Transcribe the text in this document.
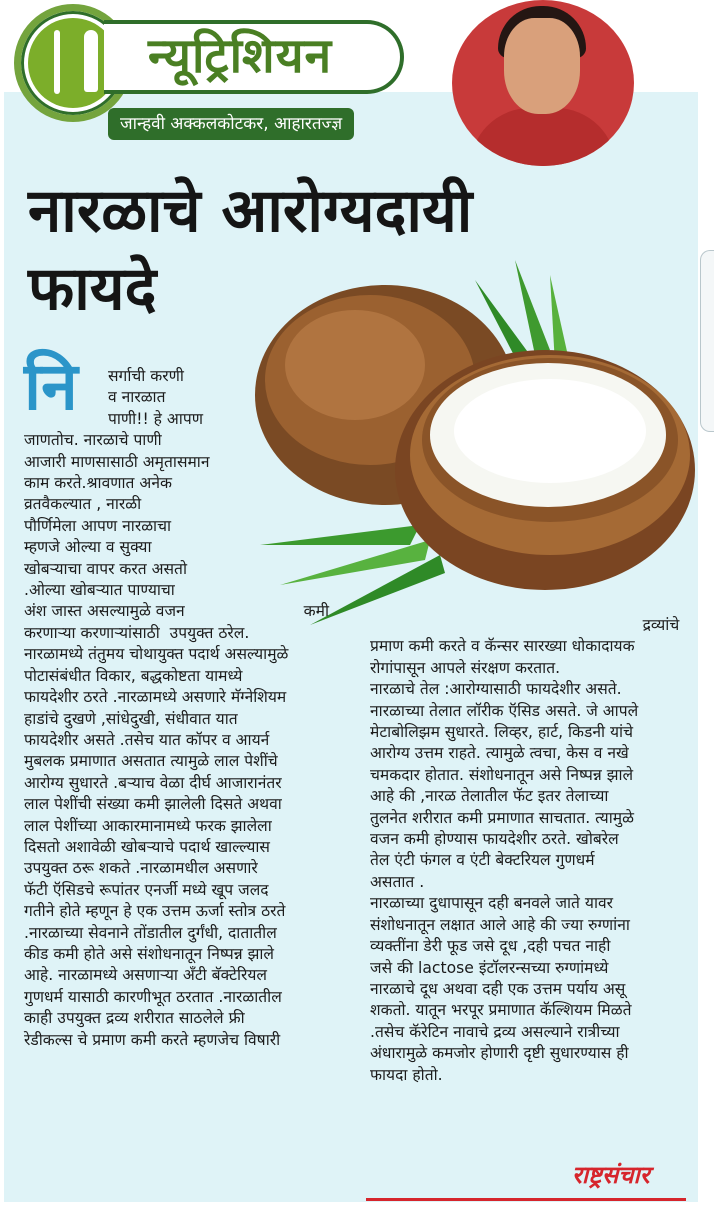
न्यूट्रिशियन
जान्हवी अक्कलकोटकर, आहारतज्ज्ञ
नारळाचे आरोग्यदायी
फायदे
नि	सर्गाची करणी

व नारळात

पाणी!! हे आपण

जाणतोच. नारळाचे पाणी

आजारी माणसासाठी अमृतासमान

काम करते.श्रावणात अनेक

व्रतवैकल्यात , नारळी

पौर्णिमेला आपण नारळाचा

म्हणजे ओल्या व सुक्या

खोबऱ्याचा वापर करत असतो

.ओल्या खोबऱ्यात पाण्याचा

अंश जास्त असल्यामुळे वजन                        कमी

करणाऱ्या करणाऱ्यांसाठी  उपयुक्त ठरेल.

नारळामध्ये तंतुमय चोथायुक्त पदार्थ असल्यामुळे

पोटासंबंधीत विकार, बद्धकोष्टता यामध्ये

फायदेशीर ठरते .नारळामध्ये असणारे मॅग्नेशियम

हाडांचे दुखणे ,सांधेदुखी, संधीवात यात

फायदेशीर असते .तसेच यात कॉपर व आयर्न

मुबलक प्रमाणात असतात त्यामुळे लाल पेशींचे

आरोग्य सुधारते .बऱ्याच वेळा दीर्घ आजारानंतर

लाल पेशींची संख्या कमी झालेली दिसते अथवा

लाल पेशींच्या आकारमानामध्ये फरक झालेला

दिसतो अशावेळी खोबऱ्याचे पदार्थ खाल्ल्यास

उपयुक्त ठरू शकते .नारळामधील असणारे

फॅटी ऍसिडचे रूपांतर एनर्जी मध्ये खूप जलद

गतीने होते म्हणून हे एक उत्तम ऊर्जा स्तोत्र ठरते

.नारळाच्या सेवनाने तोंडातील दुर्गंधी, दातातील

कीड कमी होते असे संशोधनातून निष्पन्न झाले

आहे. नारळामध्ये असणाऱ्या अँटी बॅक्टेरियल

गुणधर्म यासाठी कारणीभूत ठरतात .नारळातील

काही उपयुक्त द्रव्य शरीरात साठलेले फ्री

रेडीकल्स चे प्रमाण कमी करते म्हणजेच विषारी

द्रव्यांचे

प्रमाण कमी करते व कॅन्सर सारख्या धोकादायक

रोगांपासून आपले संरक्षण करतात.

नारळाचे तेल :आरोग्यासाठी फायदेशीर असते.

नारळाच्या तेलात लॉरीक ऍसिड असते. जे आपले

मेटाबोलिझम सुधारते. लिव्हर, हार्ट, किडनी यांचे

आरोग्य उत्तम राहते. त्यामुळे त्वचा, केस व नखे

चमकदार होतात. संशोधनातून असे निष्पन्न झाले

आहे की ,नारळ तेलातील फॅट इतर तेलाच्या

तुलनेत शरीरात कमी प्रमाणात साचतात. त्यामुळे

वजन कमी होण्यास फायदेशीर ठरते. खोबरेल

तेल एंटी फंगल व एंटी बेक्टरियल गुणधर्म

असतात .

नारळाच्या दुधापासून दही बनवले जाते यावर

संशोधनातून लक्षात आले आहे की ज्या रुग्णांना

व्यक्तींना डेरी फूड जसे दूध ,दही पचत नाही

जसे की lactose इंटॉलरन्सच्या रुग्णांमध्ये

नारळाचे दूध अथवा दही एक उत्तम पर्याय असू

शकतो. यातून भरपूर प्रमाणात कॅल्शियम मिळते

.तसेच कॅरेटिन नावाचे द्रव्य असल्याने रात्रीच्या

अंधारामुळे कमजोर होणारी दृष्टी सुधारण्यास ही

फायदा होतो.

राष्ट्रसंचार
